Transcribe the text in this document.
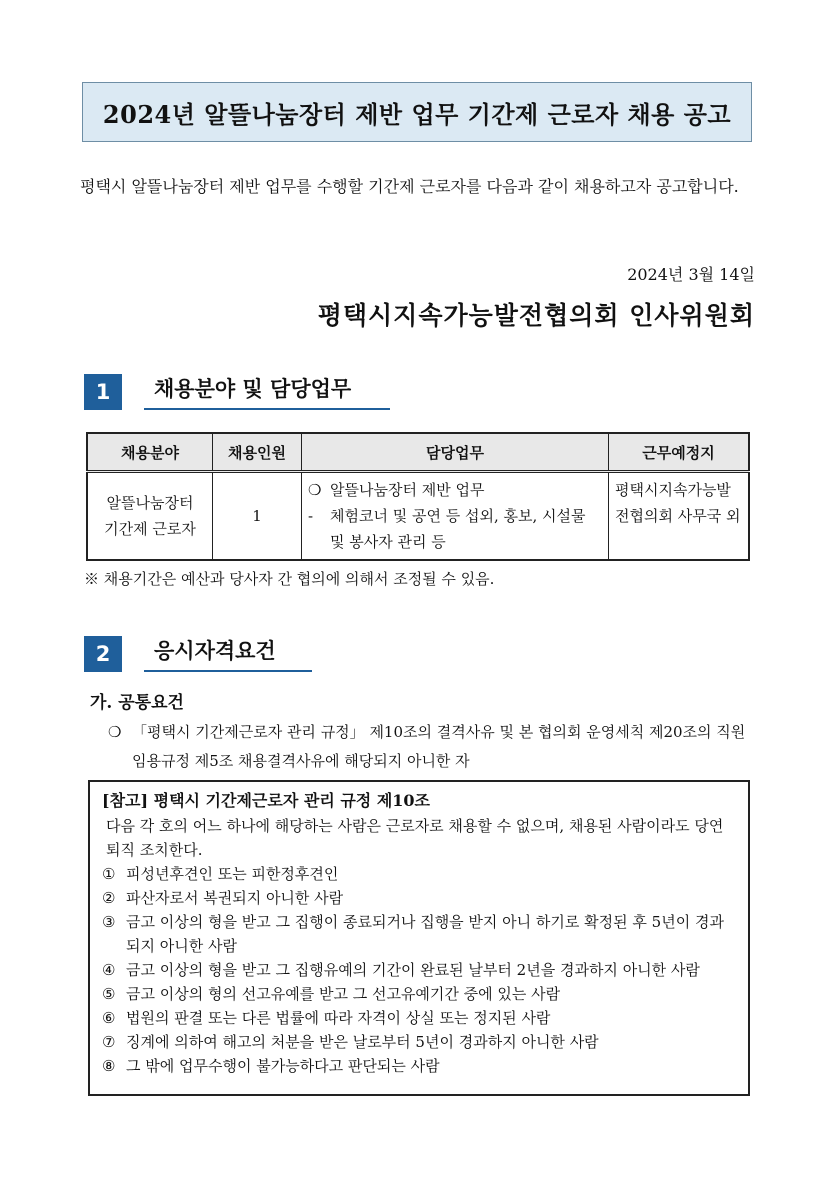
2024년 알뜰나눔장터 제반 업무 기간제 근로자 채용 공고
평택시 알뜰나눔장터 제반 업무를 수행할 기간제 근로자를 다음과 같이 채용하고자 공고합니다.
2024년 3월 14일
평택시지속가능발전협의회 인사위원회
1	채용분야 및 담당업무
채용분야	채용인원	담당업무	근무예정지
알뜰나눔장터 기간제 근로자	1	❍ 알뜰나눔장터 제반 업무
- 체험코너 및 공연 등 섭외, 홍보, 시설물 및 봉사자 관리 등	평택시지속가능발전협의회 사무국 외
※ 채용기간은 예산과 당사자 간 협의에 의해서 조정될 수 있음.
2	응시자격요건
가. 공통요건
❍ 「평택시 기간제근로자 관리 규정」 제10조의 결격사유 및 본 협의회 운영세칙 제20조의 직원임용규정 제5조 채용결격사유에 해당되지 아니한 자
[참고] 평택시 기간제근로자 관리 규정 제10조
다음 각 호의 어느 하나에 해당하는 사람은 근로자로 채용할 수 없으며, 채용된 사람이라도 당연 퇴직 조치한다.
① 피성년후견인 또는 피한정후견인
② 파산자로서 복권되지 아니한 사람
③ 금고 이상의 형을 받고 그 집행이 종료되거나 집행을 받지 아니 하기로 확정된 후 5년이 경과되지 아니한 사람
④ 금고 이상의 형을 받고 그 집행유예의 기간이 완료된 날부터 2년을 경과하지 아니한 사람
⑤ 금고 이상의 형의 선고유예를 받고 그 선고유예기간 중에 있는 사람
⑥ 법원의 판결 또는 다른 법률에 따라 자격이 상실 또는 정지된 사람
⑦ 징계에 의하여 해고의 처분을 받은 날로부터 5년이 경과하지 아니한 사람
⑧ 그 밖에 업무수행이 불가능하다고 판단되는 사람
